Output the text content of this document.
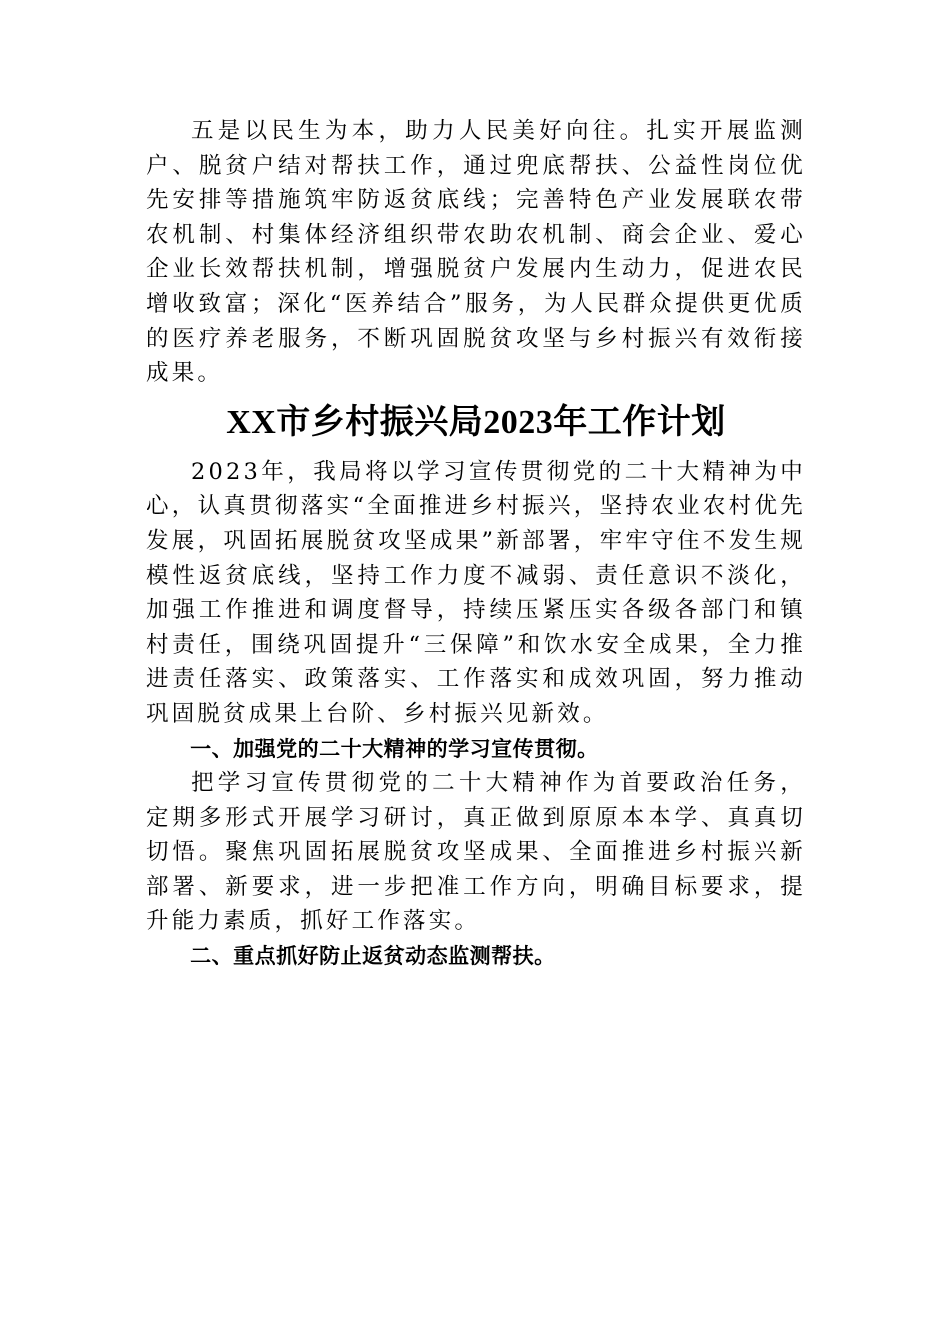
五是以民生为本，助力人民美好向往。扎实开展监测户、脱贫户结对帮扶工作，通过兜底帮扶、公益性岗位优先安排等措施筑牢防返贫底线；完善特色产业发展联农带农机制、村集体经济组织带农助农机制、商会企业、爱心企业长效帮扶机制，增强脱贫户发展内生动力，促进农民增收致富；深化“医养结合”服务，为人民群众提供更优质的医疗养老服务，不断巩固脱贫攻坚与乡村振兴有效衔接成果。

XX市乡村振兴局2023年工作计划

2023年，我局将以学习宣传贯彻党的二十大精神为中心，认真贯彻落实“全面推进乡村振兴，坚持农业农村优先发展，巩固拓展脱贫攻坚成果”新部署，牢牢守住不发生规模性返贫底线，坚持工作力度不减弱、责任意识不淡化，加强工作推进和调度督导，持续压紧压实各级各部门和镇村责任，围绕巩固提升“三保障”和饮水安全成果，全力推进责任落实、政策落实、工作落实和成效巩固，努力推动巩固脱贫成果上台阶、乡村振兴见新效。

一、加强党的二十大精神的学习宣传贯彻。

把学习宣传贯彻党的二十大精神作为首要政治任务，定期多形式开展学习研讨，真正做到原原本本学、真真切切悟。聚焦巩固拓展脱贫攻坚成果、全面推进乡村振兴新部署、新要求，进一步把准工作方向，明确目标要求，提升能力素质，抓好工作落实。

二、重点抓好防止返贫动态监测帮扶。
